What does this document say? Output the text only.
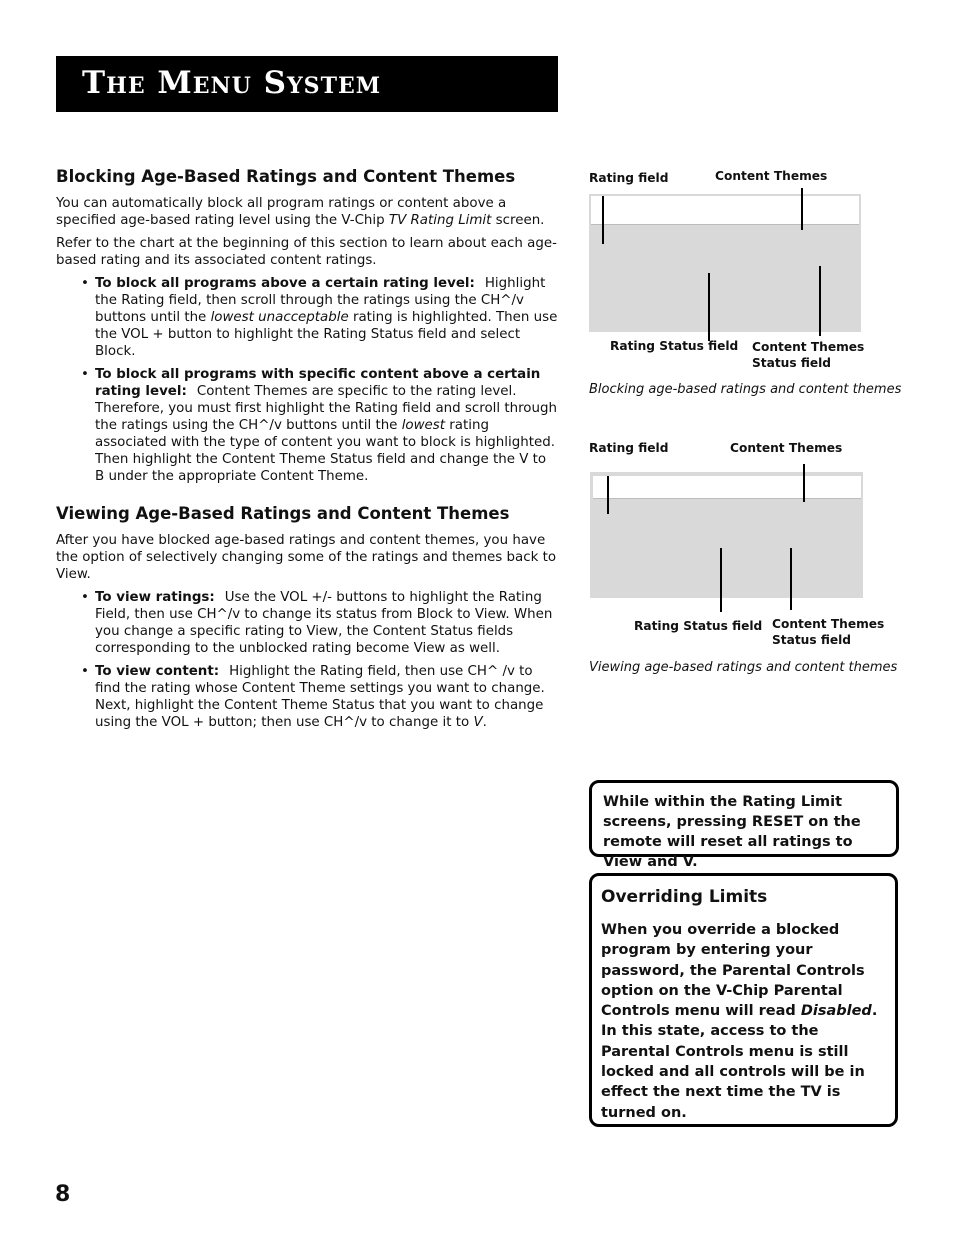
The Menu System
Blocking Age-Based Ratings and Content Themes

You can automatically block all program ratings or content above a specified age-based rating level using the V-Chip TV Rating Limit screen.

Refer to the chart at the beginning of this section to learn about each age-based rating and its associated content ratings.

• To block all programs above a certain rating level: Highlight the Rating field, then scroll through the ratings using the CH^/v buttons until the lowest unacceptable rating is highlighted. Then use the VOL + button to highlight the Rating Status field and select Block.
• To block all programs with specific content above a certain rating level: Content Themes are specific to the rating level. Therefore, you must first highlight the Rating field and scroll through the ratings using the CH^/v buttons until the lowest rating associated with the type of content you want to block is highlighted. Then highlight the Content Theme Status field and change the V to B under the appropriate Content Theme.
Viewing Age-Based Ratings and Content Themes

After you have blocked age-based ratings and content themes, you have the option of selectively changing some of the ratings and themes back to View.

• To view ratings: Use the VOL +/- buttons to highlight the Rating Field, then use CH^/v to change its status from Block to View. When you change a specific rating to View, the Content Status fields corresponding to the unblocked rating become View as well.
• To view content: Highlight the Rating field, then use CH^ /v to find the rating whose Content Theme settings you want to change. Next, highlight the Content Theme Status that you want to change using the VOL + button; then use CH^/v to change it to V.
Rating field	Content Themes
Rating Status field Content Themes
Status field
Blocking age-based ratings and content themes
Rating field	Content Themes
Rating Status field Content Themes
Status field
Viewing age-based ratings and content themes
While within the Rating Limit screens, pressing RESET on the remote will reset all ratings to View and V.
Overriding Limits
When you override a blocked program by entering your password, the Parental Controls option on the V-Chip Parental Controls menu will read Disabled. In this state, access to the Parental Controls menu is still locked and all controls will be in effect the next time the TV is turned on.
8
